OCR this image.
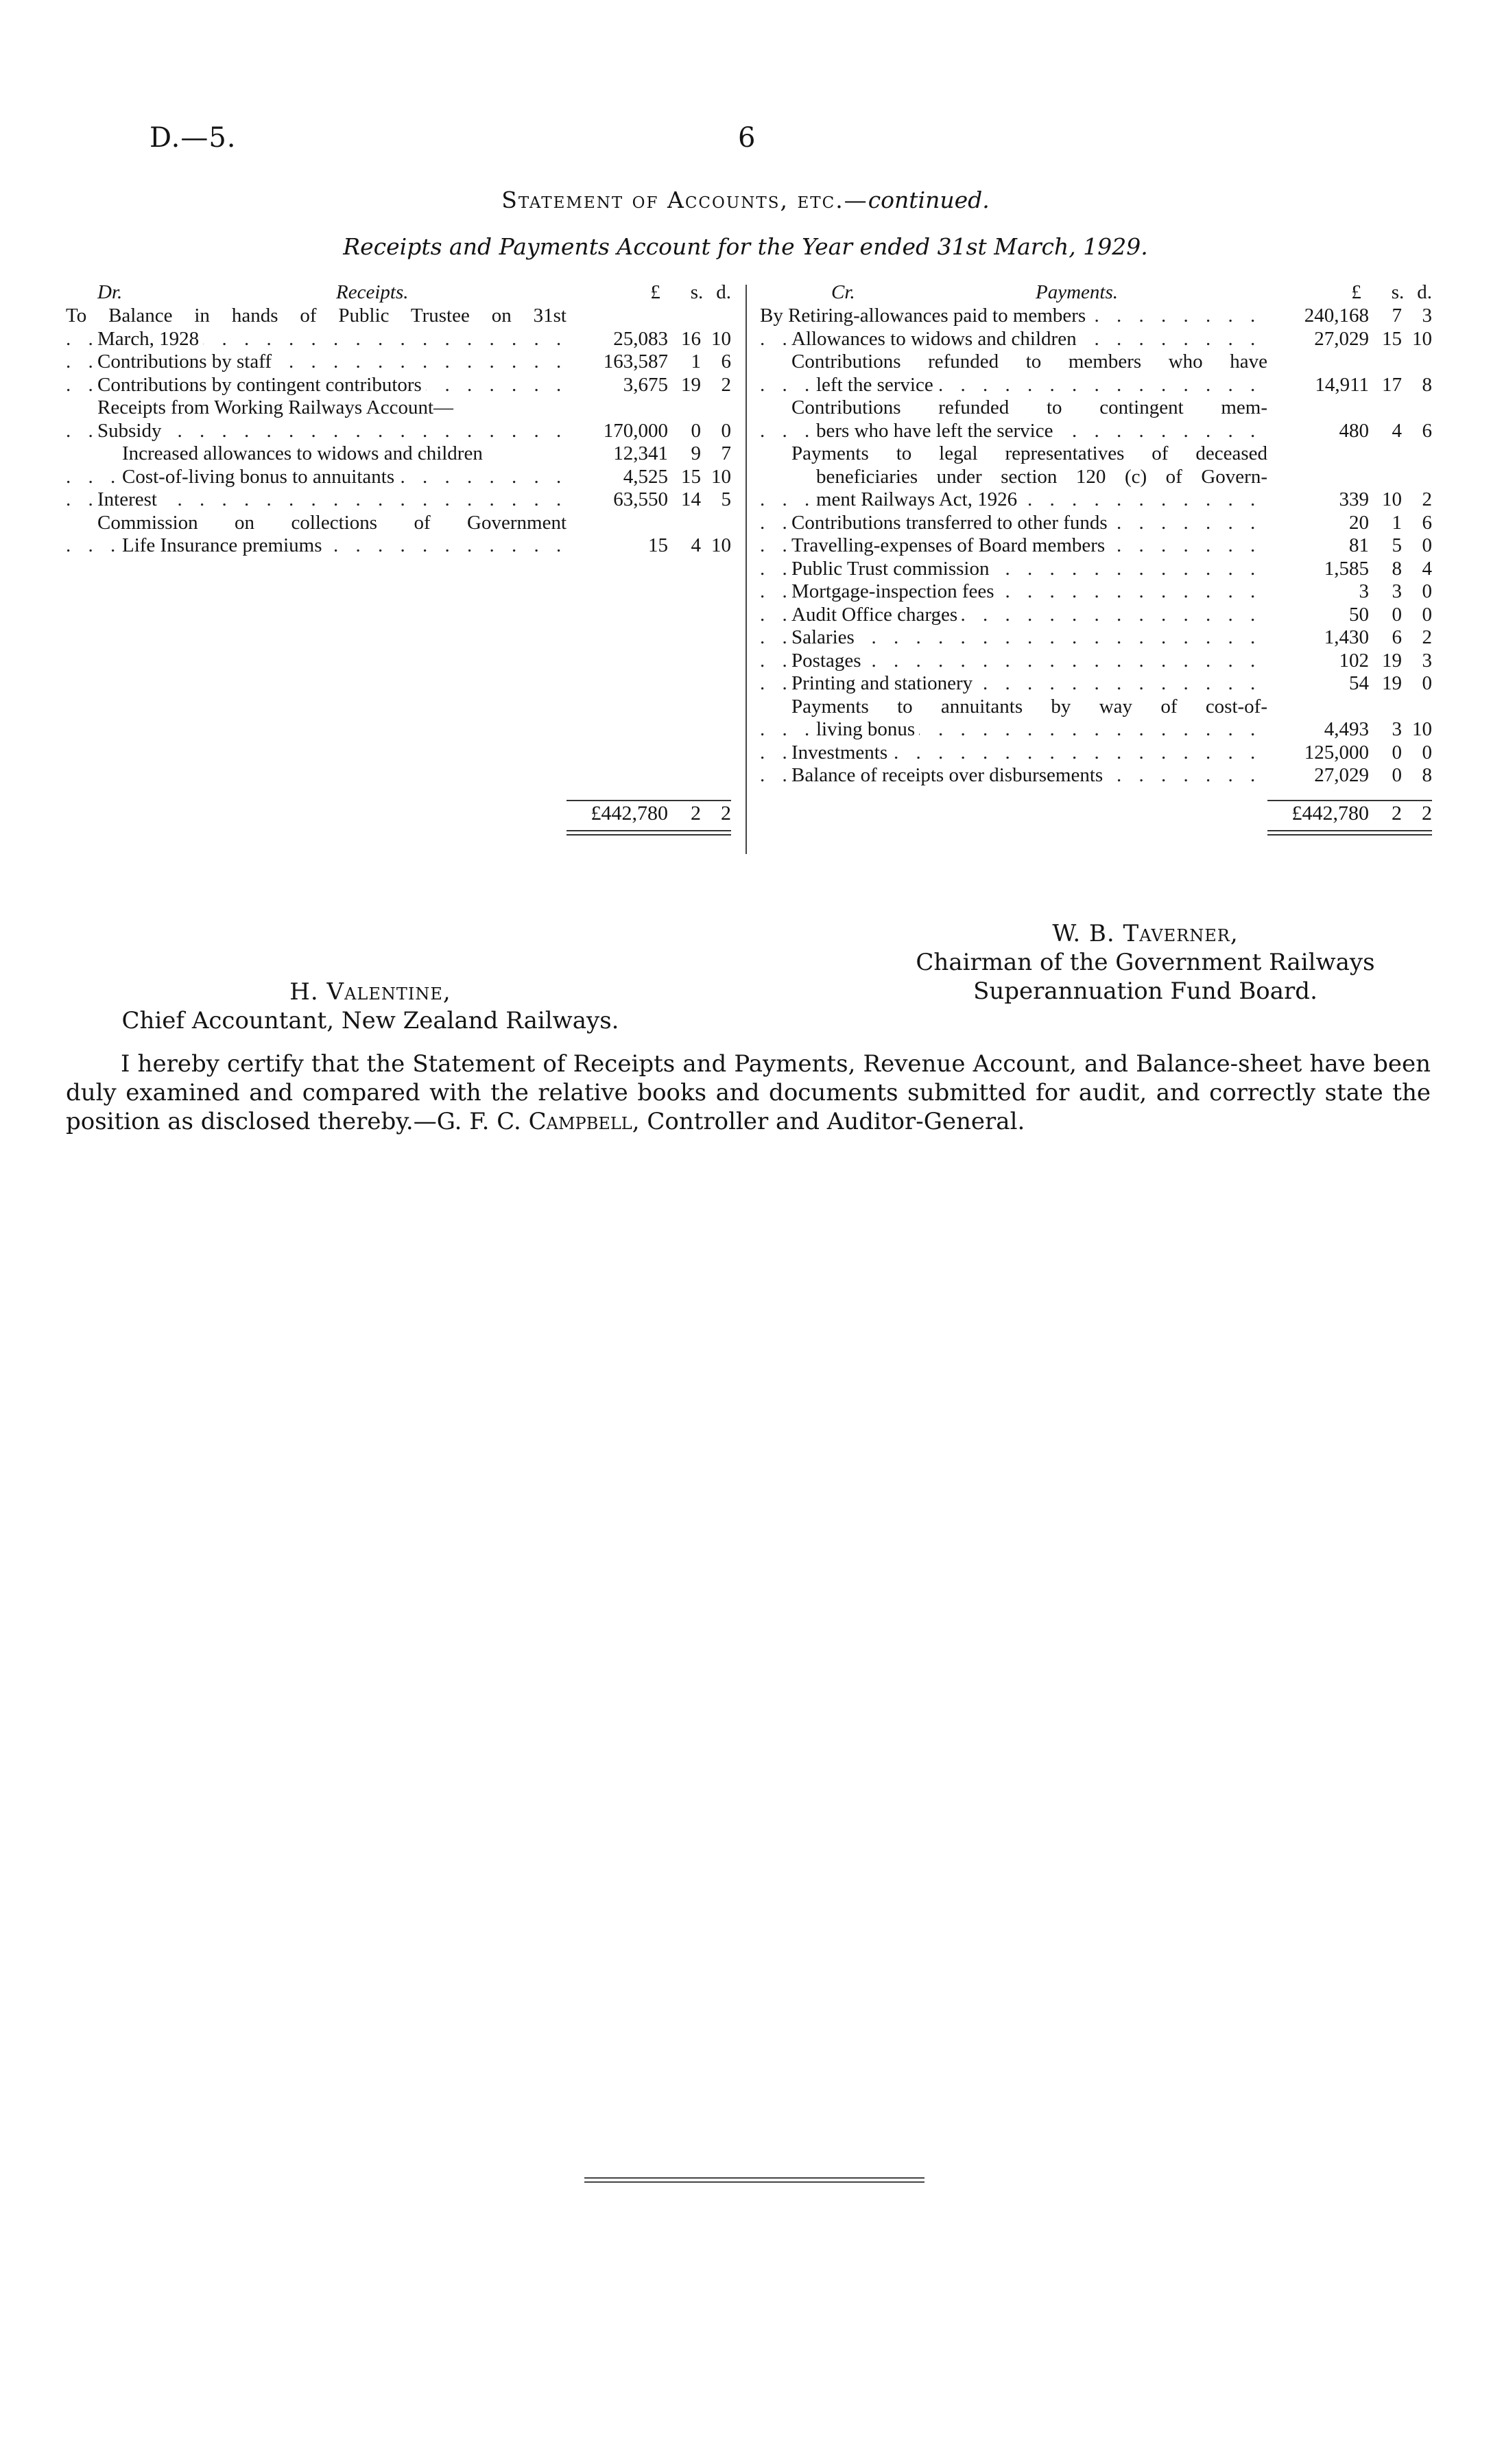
D.—5.	6
Statement of Accounts, etc.—continued.
Receipts and Payments Account for the Year ended 31st March, 1929.
Dr.	Receipts.	£	s. d.
To Balance in hands of Public Trustee on 31st
March, 1928 . . .	25,083 16 10
Contributions by staff . . .	163,587	1	6
Contributions by contingent contributors . . .	3,675 19	2
Receipts from Working Railways Account—
Subsidy . . .	170,000	0	0
Increased allowances to widows and children	12,341	9	7
Cost-of-living bonus to annuitants . . .	4,525 15 10
Interest . . .	63,550 14	5
Commission on collections of Government
Life Insurance premiums . . .	15	4 10
Cr.	Payments.	£	s. d.
By Retiring-allowances paid to members . . .	240,168	7	3
Allowances to widows and children . . .	27,029 15 10
Contributions refunded to members who have
left the service . . .	14,911 17	8
Contributions refunded to contingent mem-
bers who have left the service . . .	480	4	6
Payments to legal representatives of deceased
beneficiaries under section 120 (c) of Govern-
ment Railways Act, 1926 . . .	339 10	2
Contributions transferred to other funds . . .	20	1	6
Travelling-expenses of Board members . . .	81	5	0
Public Trust commission . . .	1,585	8	4
Mortgage-inspection fees . . .	3	3	0
Audit Office charges . . .	50	0	0
Salaries . . .	1,430	6	2
Postages . . .	102 19	3
Printing and stationery . . .	54 19	0
Payments to annuitants by way of cost-of-
living bonus . . .	4,493	3 10
Investments . . .	125,000	0	0
Balance of receipts over disbursements . . .	27,029	0	8
£442,780	2 2	£442,780	2 2
W. B. Taverner,
Chairman of the Government Railways
Superannuation Fund Board.
H. Valentine,
Chief Accountant, New Zealand Railways.
I hereby certify that the Statement of Receipts and Payments, Revenue Account, and Balance-sheet have been duly examined and compared with the relative books and documents submitted for audit, and correctly state the position as disclosed thereby.—G. F. C. Campbell, Controller and Auditor-General.
